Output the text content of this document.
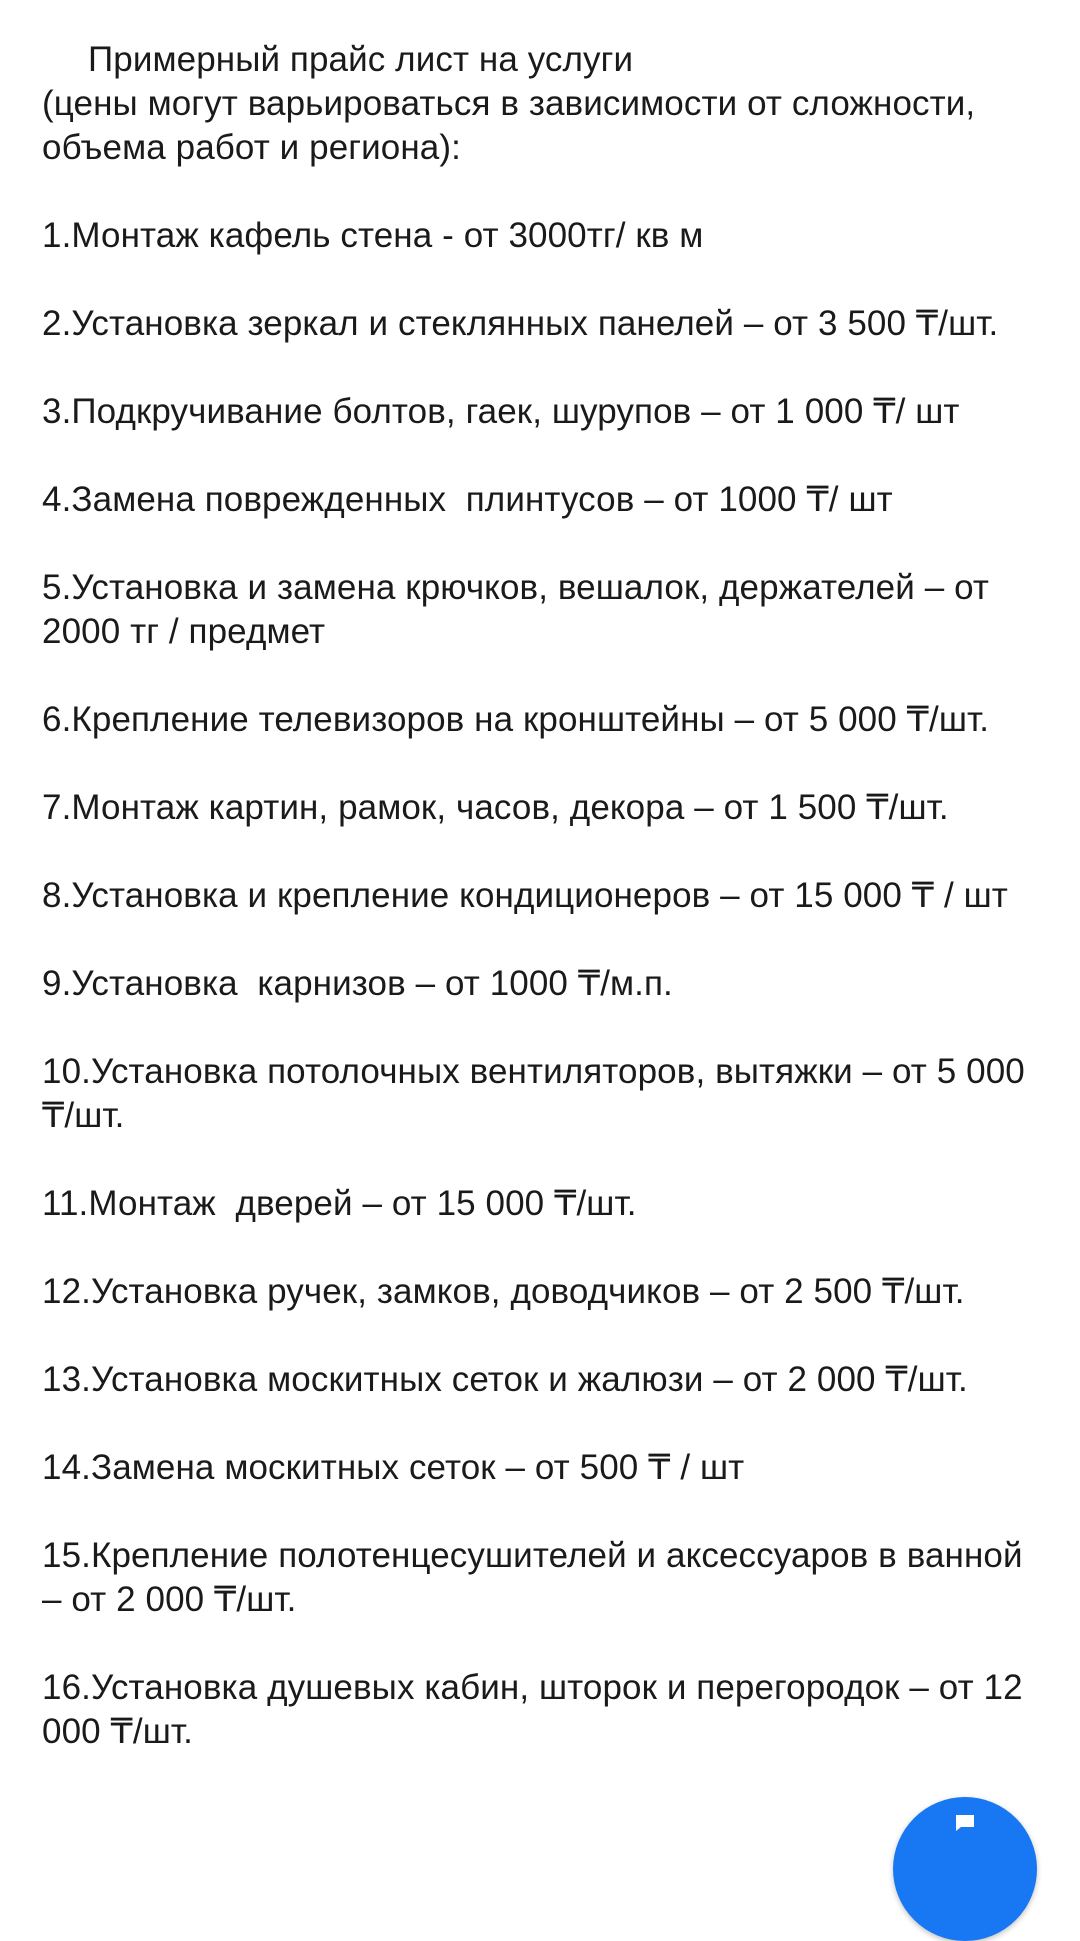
Примерный прайс лист на услуги
(цены могут варьироваться в зависимости от сложности, объема работ и региона):
1.Монтаж кафель стена - от 3000тг/ кв м
2.Установка зеркал и стеклянных панелей – от 3 500 ₸/шт.
3.Подкручивание болтов, гаек, шурупов – от 1 000 ₸/ шт
4.Замена поврежденных  плинтусов – от 1000 ₸/ шт
5.Установка и замена крючков, вешалок, держателей – от 2000 тг / предмет
6.Крепление телевизоров на кронштейны – от 5 000 ₸/шт.
7.Монтаж картин, рамок, часов, декора – от 1 500 ₸/шт.
8.Установка и крепление кондиционеров – от 15 000 ₸ / шт
9.Установка  карнизов – от 1000 ₸/м.п.
10.Установка потолочных вентиляторов, вытяжки – от 5 000 ₸/шт.
11.Монтаж  дверей – от 15 000 ₸/шт.
12.Установка ручек, замков, доводчиков – от 2 500 ₸/шт.
13.Установка москитных сеток и жалюзи – от 2 000 ₸/шт.
14.Замена москитных сеток – от 500 ₸ / шт
15.Крепление полотенцесушителей и аксессуаров в ванной – от 2 000 ₸/шт.
16.Установка душевых кабин, шторок и перегородок – от 12 000 ₸/шт.
